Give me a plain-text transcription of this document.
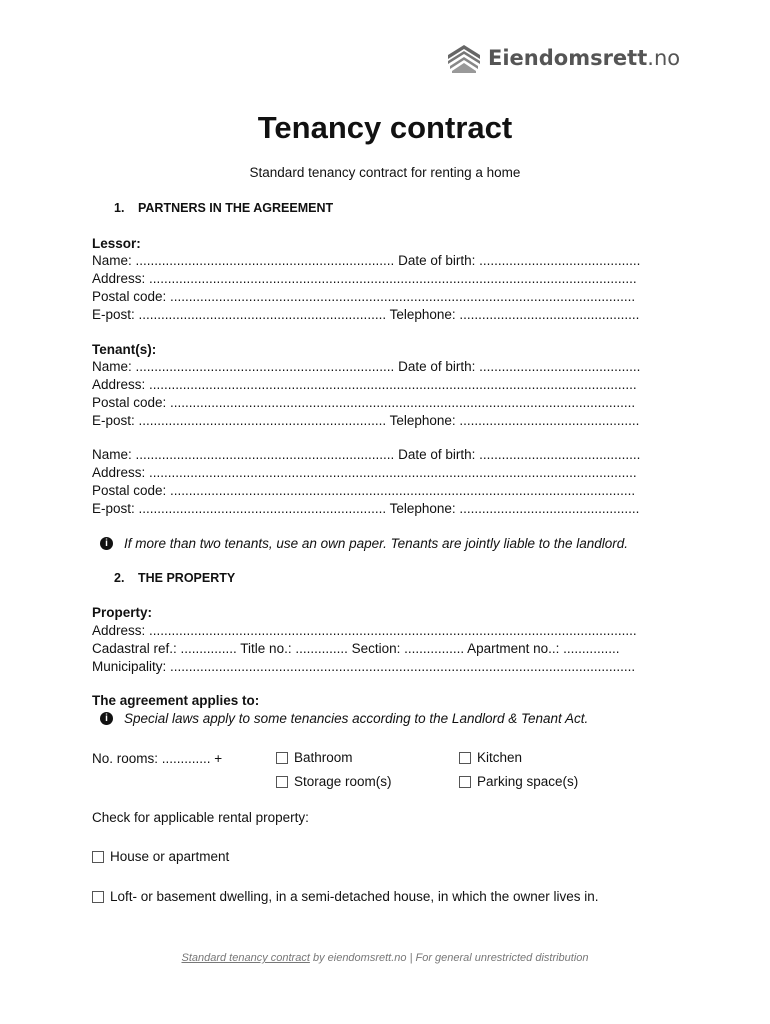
Eiendomsrett.no
Tenancy contract
Standard tenancy contract for renting a home
1. PARTNERS IN THE AGREEMENT
Lessor:
Name: ..................................................................... Date of birth: ...........................................
Address: ..................................................................................................................................
Postal code: ............................................................................................................................
E-post: .................................................................. Telephone: ................................................
Tenant(s):
Name: ..................................................................... Date of birth: ...........................................
Address: ..................................................................................................................................
Postal code: ............................................................................................................................
E-post: .................................................................. Telephone: ................................................
Name: ..................................................................... Date of birth: ...........................................
Address: ..................................................................................................................................
Postal code: ............................................................................................................................
E-post: .................................................................. Telephone: ................................................
i	If more than two tenants, use an own paper. Tenants are jointly liable to the landlord.
2. THE PROPERTY
Property:
Address: ..................................................................................................................................
Cadastral ref.: ............... Title no.: .............. Section: ................ Apartment no..: ...............
Municipality: ............................................................................................................................
The agreement applies to:
i	Special laws apply to some tenancies according to the Landlord & Tenant Act.
No. rooms: ............. +	Bathroom	Kitchen
Storage room(s)	Parking space(s)
Check for applicable rental property:
House or apartment
Loft- or basement dwelling, in a semi-detached house, in which the owner lives in.
Standard tenancy contract by eiendomsrett.no | For general unrestricted distribution
